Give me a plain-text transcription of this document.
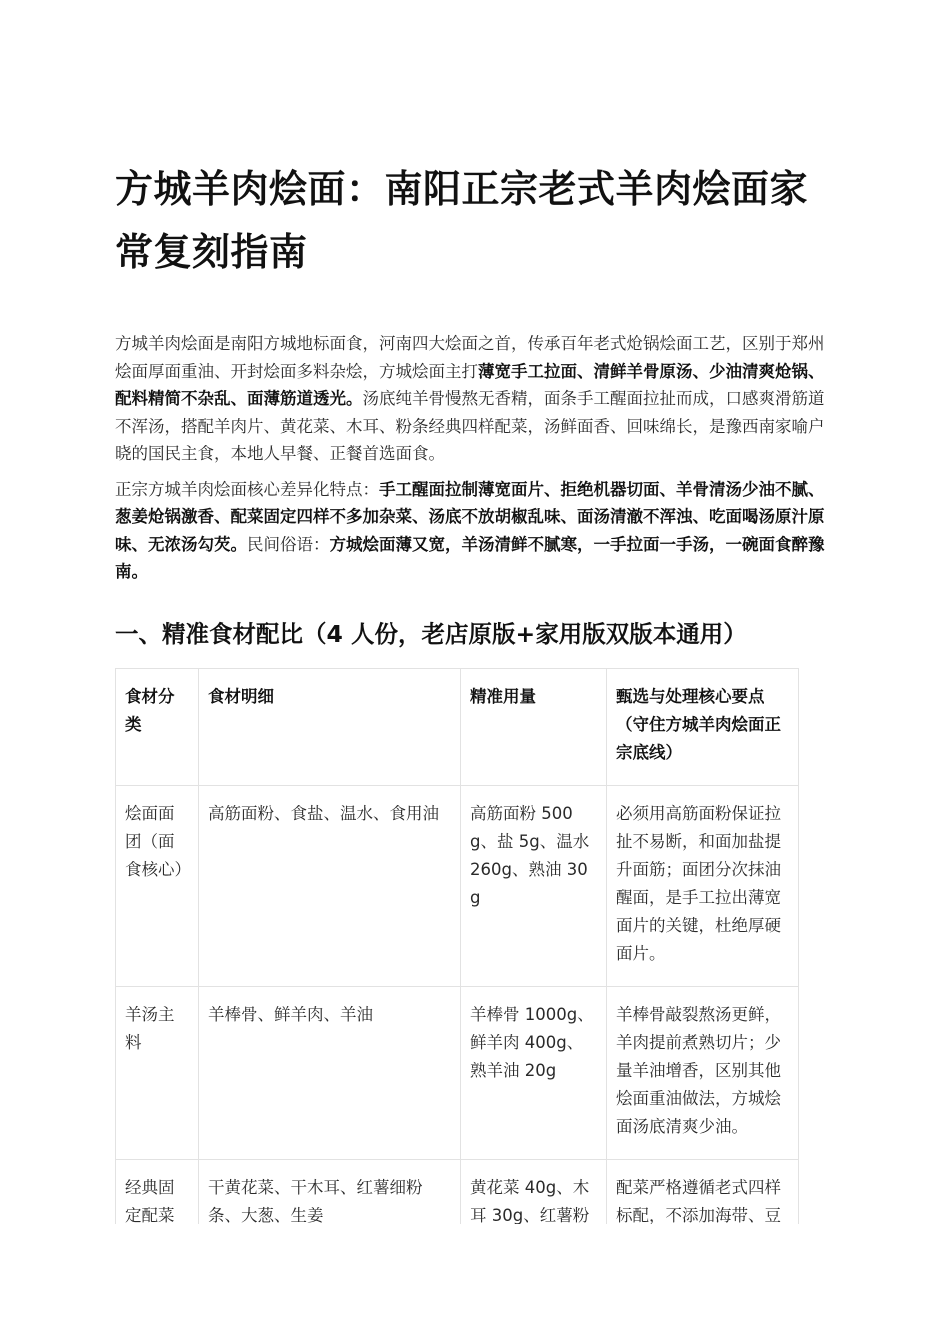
方城羊肉烩面：南阳正宗老式羊肉烩面家常复刻指南

方城羊肉烩面是南阳方城地标面食，河南四大烩面之首，传承百年老式炝锅烩面工艺，区别于郑州烩面厚面重油、开封烩面多料杂烩，方城烩面主打薄宽手工拉面、清鲜羊骨原汤、少油清爽炝锅、配料精简不杂乱、面薄筋道透光。汤底纯羊骨慢熬无香精，面条手工醒面拉扯而成，口感爽滑筋道不浑汤，搭配羊肉片、黄花菜、木耳、粉条经典四样配菜，汤鲜面香、回味绵长，是豫西南家喻户晓的国民主食，本地人早餐、正餐首选面食。

正宗方城羊肉烩面核心差异化特点：手工醒面拉制薄宽面片、拒绝机器切面、羊骨清汤少油不腻、葱姜炝锅激香、配菜固定四样不多加杂菜、汤底不放胡椒乱味、面汤清澈不浑浊、吃面喝汤原汁原味、无浓汤勾芡。民间俗语：方城烩面薄又宽，羊汤清鲜不腻寒，一手拉面一手汤，一碗面食醉豫南。

一、精准食材配比（4 人份，老店原版+家用版双版本通用）
食材分类	食材明细	精准用量	甄选与处理核心要点（守住方城羊肉烩面正宗底线）
烩面面团（面食核心）	高筋面粉、食盐、温水、食用油	高筋面粉 500g、盐 5g、温水 260g、熟油 30g	必须用高筋面粉保证拉扯不易断，和面加盐提升面筋；面团分次抹油醒面，是手工拉出薄宽面片的关键，杜绝厚硬面片。
羊汤主料	羊棒骨、鲜羊肉、羊油	羊棒骨 1000g、鲜羊肉 400g、熟羊油 20g	羊棒骨敲裂熬汤更鲜，羊肉提前煮熟切片；少量羊油增香，区别其他烩面重油做法，方城烩面汤底清爽少油。
经典固定配菜	干黄花菜、干木耳、红薯细粉条、大葱、生姜	黄花菜 40g、木耳 30g、红薯粉	配菜严格遵循老式四样标配，不添加海带、豆
